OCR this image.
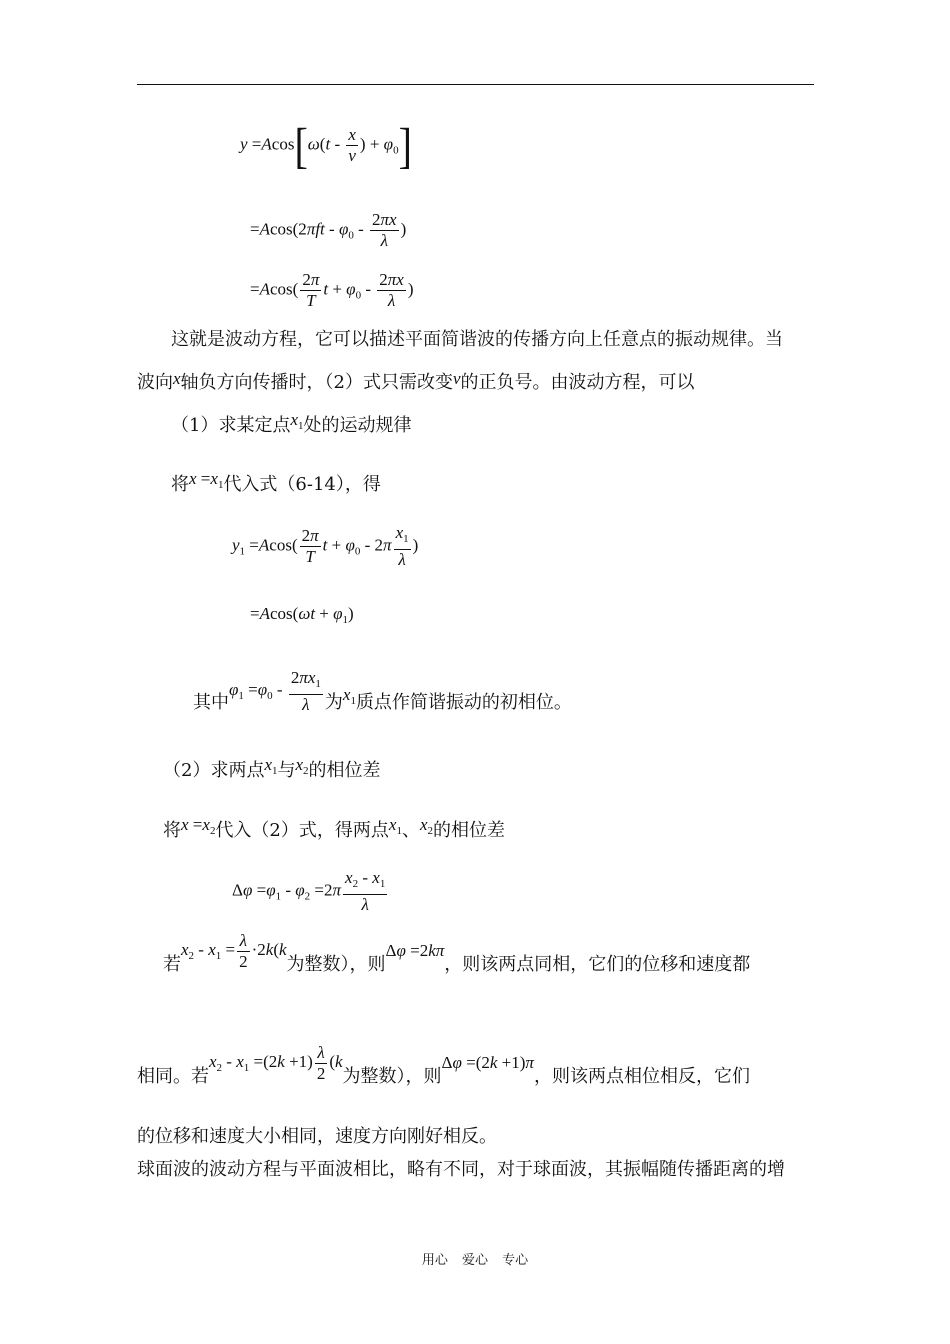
$y =Acos[\omega(t - \frac{x}{v}$ ) + $\varphi_0$]
$=Acos(2\pi ft - \varphi_0 - \frac{2\pi x}{\lambda}$ )
$=Acos( \frac{2\pi}{T}$ $t + \varphi_0 - \frac{2\pi x}{\lambda}$ )
这就是波动方程，它可以描述平面简谐波的传播方向上任意点的振动规律。当
波向x轴负方向传播时，（2）式只需改变v的正负号。由波动方程，可以
（1）求某定点$x_1$处的运动规律
将$x =x_1$代入式（6-14），得
$y_1 =Acos( \frac{2\pi}{T}$ $t + \varphi_0 - 2\pi \frac{x_1}{\lambda}$ )
$=Acos(\omega t + \varphi_1)$
其中$\varphi_1 =\varphi_0 - \frac{2\pi x_1}{\lambda}$ 为$x_1$质点作简谐振动的初相位。
（2）求两点$x_1$与$x_2$的相位差
将$x =x_2$代入（2）式，得两点$x_1$、$x_2$的相位差
$\Delta\varphi =\varphi_1 - \varphi_2 =2\pi \frac{x_2 - x_1}{\lambda}$
若$x_2 - x_1 = \frac{\lambda}{2} \cdot 2k(k$为整数），则Δφ =2kπ，则该两点同相，它们的位移和速度都
相同。若$x_2 - x_1 =(2k +1) \frac{\lambda}{2} (k$为整数），则Δφ =(2k +1)π，则该两点相位相反，它们
的位移和速度大小相同，速度方向刚好相反。
球面波的波动方程与平面波相比，略有不同，对于球面波，其振幅随传播距离的增
用心 爱心 专心
